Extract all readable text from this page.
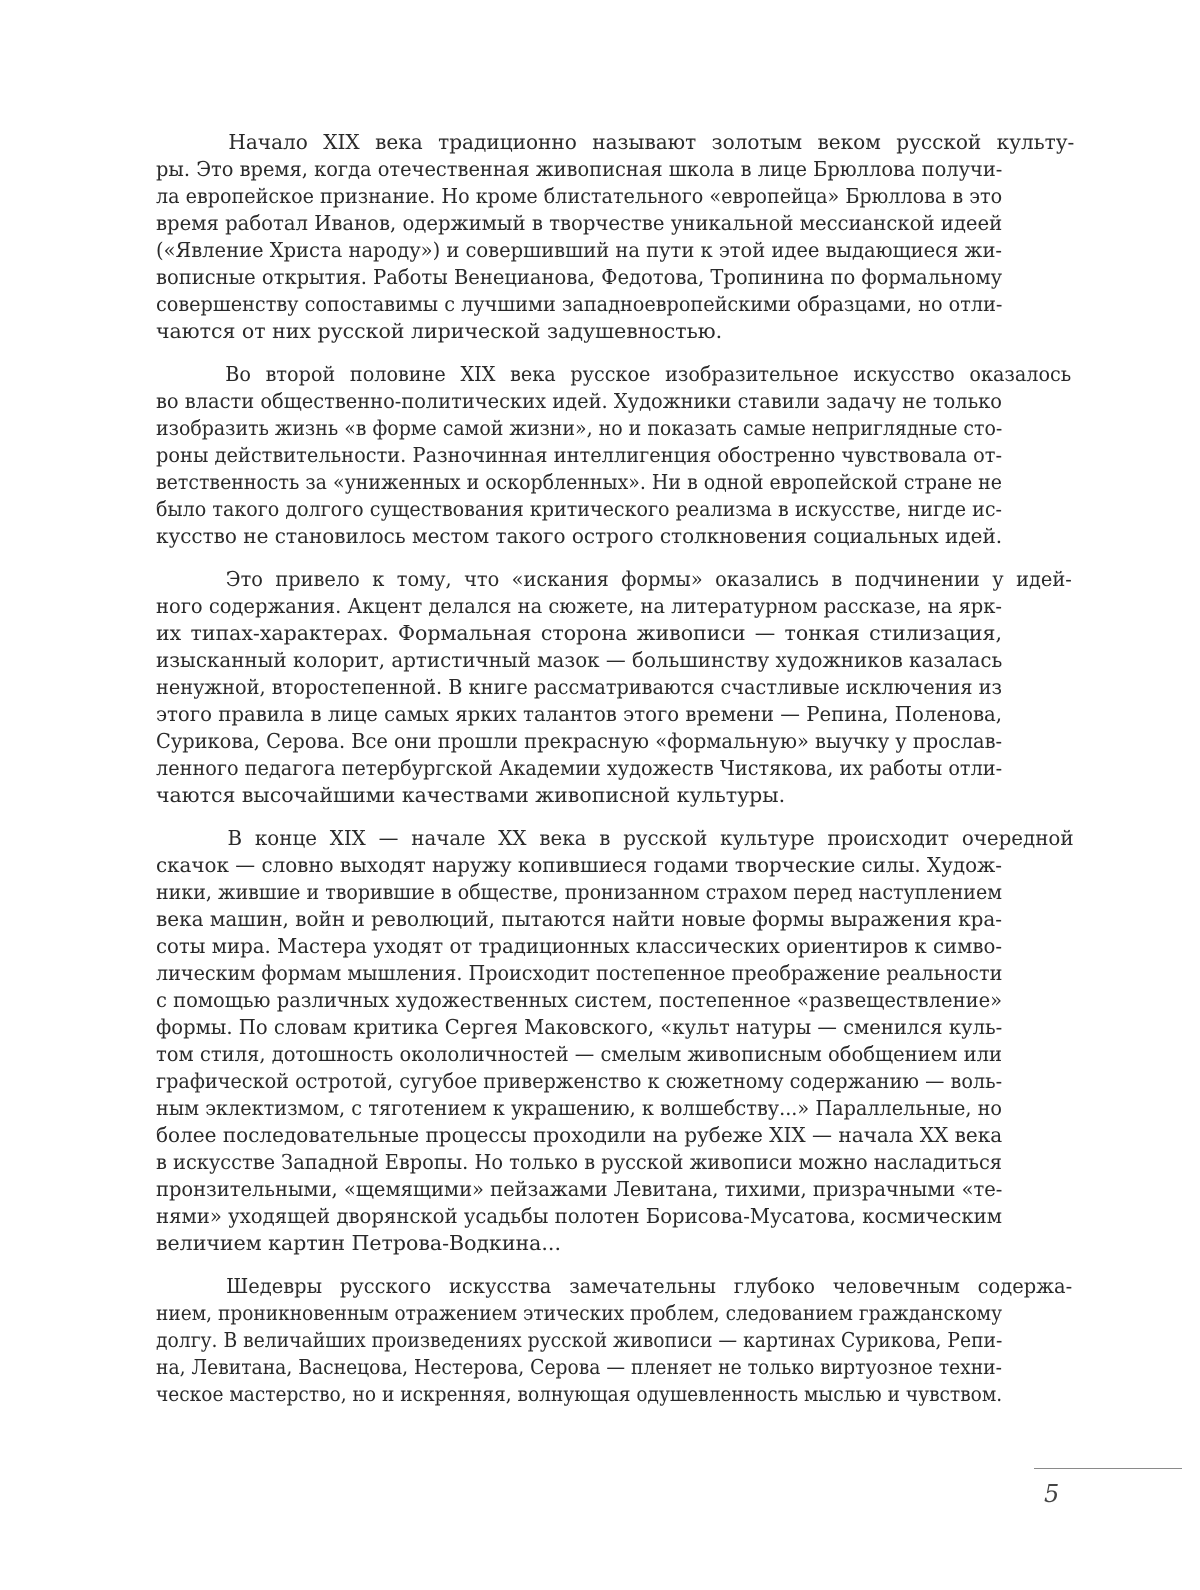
Начало XIX века традиционно называют золотым веком русской культу-
ры. Это время, когда отечественная живописная школа в лице Брюллова получи-
ла европейское признание. Но кроме блистательного «европейца» Брюллова в это
время работал Иванов, одержимый в творчестве уникальной мессианской идеей
(«Явление Христа народу») и совершивший на пути к этой идее выдающиеся жи-
вописные открытия. Работы Венецианова, Федотова, Тропинина по формальному
совершенству сопоставимы с лучшими западноевропейскими образцами, но отли-
чаются от них русской лирической задушевностью.
Во второй половине XIX века русское изобразительное искусство оказалось
во власти общественно-политических идей. Художники ставили задачу не только
изобразить жизнь «в форме самой жизни», но и показать самые неприглядные сто-
роны действительности. Разночинная интеллигенция обостренно чувствовала от-
ветственность за «униженных и оскорбленных». Ни в одной европейской стране не
было такого долгого существования критического реализма в искусстве, нигде ис-
кусство не становилось местом такого острого столкновения социальных идей.
Это привело к тому, что «искания формы» оказались в подчинении у идей-
ного содержания. Акцент делался на сюжете, на литературном рассказе, на ярк-
их типах-характерах. Формальная сторона живописи — тонкая стилизация,
изысканный колорит, артистичный мазок — большинству художников казалась
ненужной, второстепенной. В книге рассматриваются счастливые исключения из
этого правила в лице самых ярких талантов этого времени — Репина, Поленова,
Сурикова, Серова. Все они прошли прекрасную «формальную» выучку у прослав-
ленного педагога петербургской Академии художеств Чистякова, их работы отли-
чаются высочайшими качествами живописной культуры.
В конце XIX — начале XX века в русской культуре происходит очередной
скачок — словно выходят наружу копившиеся годами творческие силы. Худож-
ники, жившие и творившие в обществе, пронизанном страхом перед наступлением
века машин, войн и революций, пытаются найти новые формы выражения кра-
соты мира. Мастера уходят от традиционных классических ориентиров к симво-
лическим формам мышления. Происходит постепенное преображение реальности
с помощью различных художественных систем, постепенное «развеществление»
формы. По словам критика Сергея Маковского, «культ натуры — сменился куль-
том стиля, дотошность окололичностей — смелым живописным обобщением или
графической остротой, сугубое приверженство к сюжетному содержанию — воль-
ным эклектизмом, с тяготением к украшению, к волшебству...» Параллельные, но
более последовательные процессы проходили на рубеже XIX — начала XX века
в искусстве Западной Европы. Но только в русской живописи можно насладиться
пронзительными, «щемящими» пейзажами Левитана, тихими, призрачными «те-
нями» уходящей дворянской усадьбы полотен Борисова-Мусатова, космическим
величием картин Петрова-Водкина...
Шедевры русского искусства замечательны глубоко человечным содержа-
нием, проникновенным отражением этических проблем, следованием гражданскому
долгу. В величайших произведениях русской живописи — картинах Сурикова, Репи-
на, Левитана, Васнецова, Нестерова, Серова — пленяет не только виртуозное техни-
ческое мастерство, но и искренняя, волнующая одушевленность мыслью и чувством.
5
